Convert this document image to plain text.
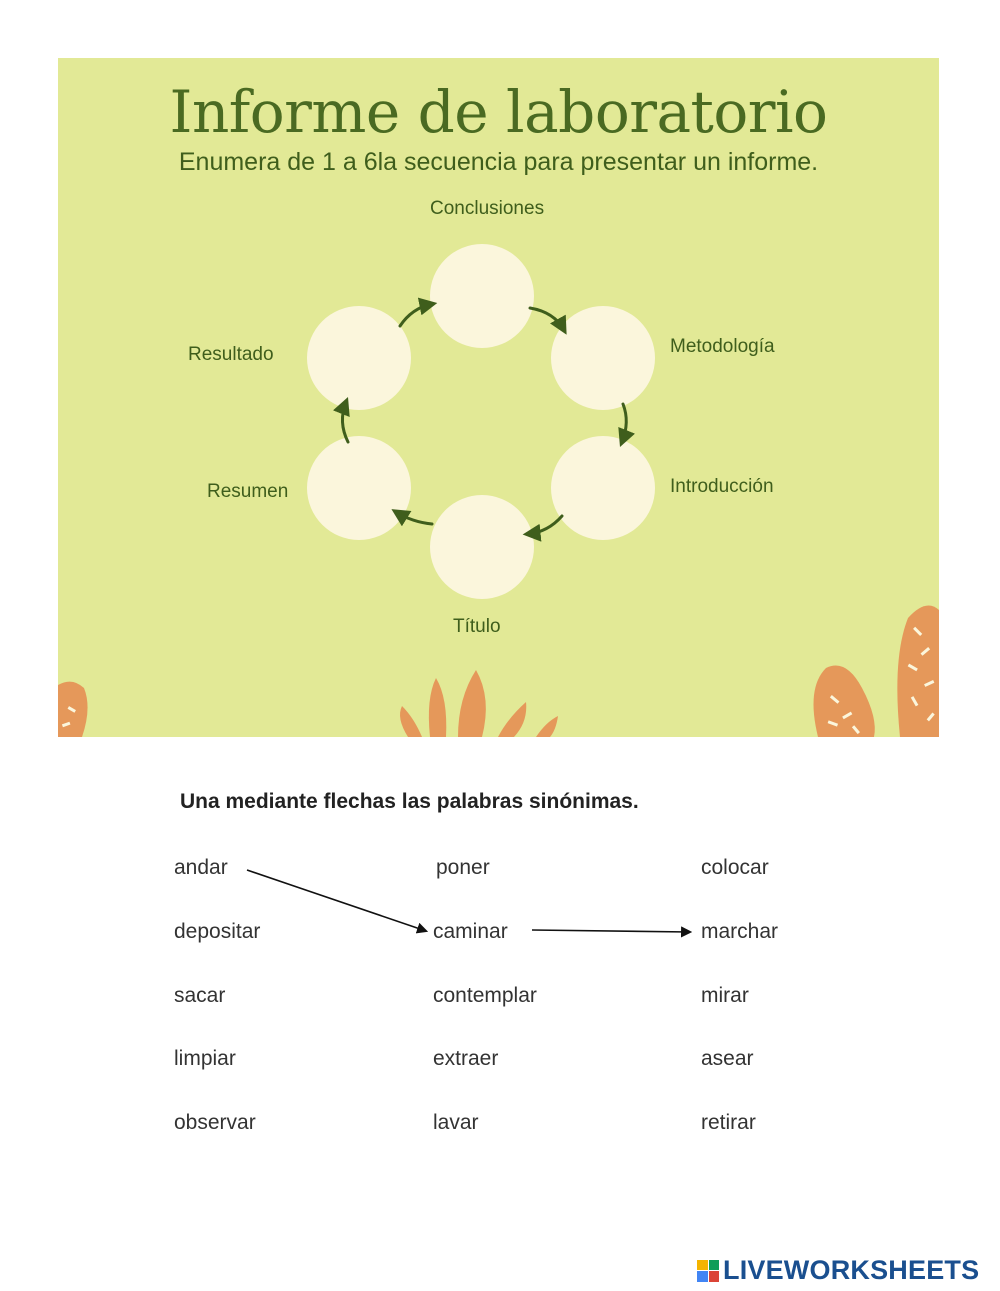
Informe de laboratorio
Enumera de 1 a 6la secuencia para presentar un informe.
Conclusiones
Metodología
Resultado
Introducción
Resumen
Título
Una mediante flechas las palabras sinónimas.
andar
depositar
sacar
limpiar
observar
poner
caminar
contemplar
extraer
lavar
colocar
marchar
mirar
asear
retirar
LIVEWORKSHEETS
